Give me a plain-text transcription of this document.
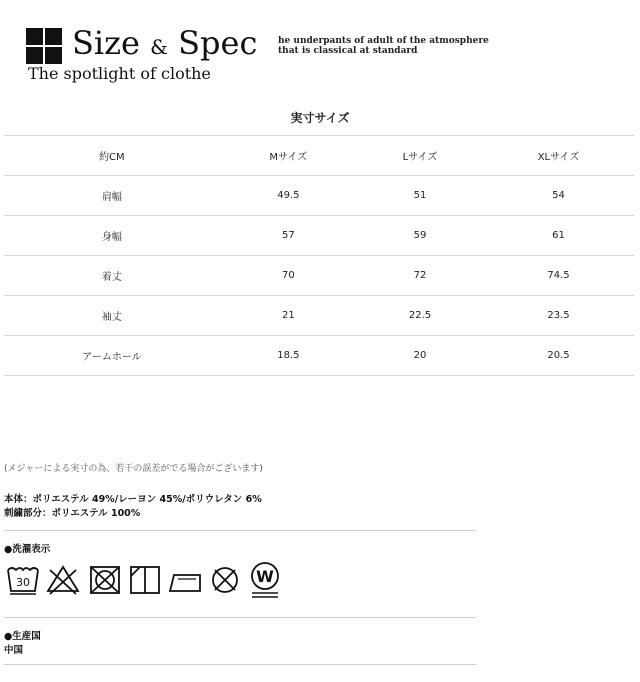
Size & Spec
The spotlight of clothe
he underpants of adult of the atmosphere
that is classical at standard
実寸サイズ
約CM	Mサイズ	Lサイズ	XLサイズ
肩幅	49.5	51	54
身幅	57	59	61
着丈	70	72	74.5
袖丈	21	22.5	23.5
アームホール	18.5	20	20.5
(メジャーによる実寸の為、若干の誤差がでる場合がございます)
本体：ポリエステル 49%/レーヨン 45%/ポリウレタン 6%
刺繍部分：ポリエステル 100%
●洗濯表示
30	W
●生産国
中国
